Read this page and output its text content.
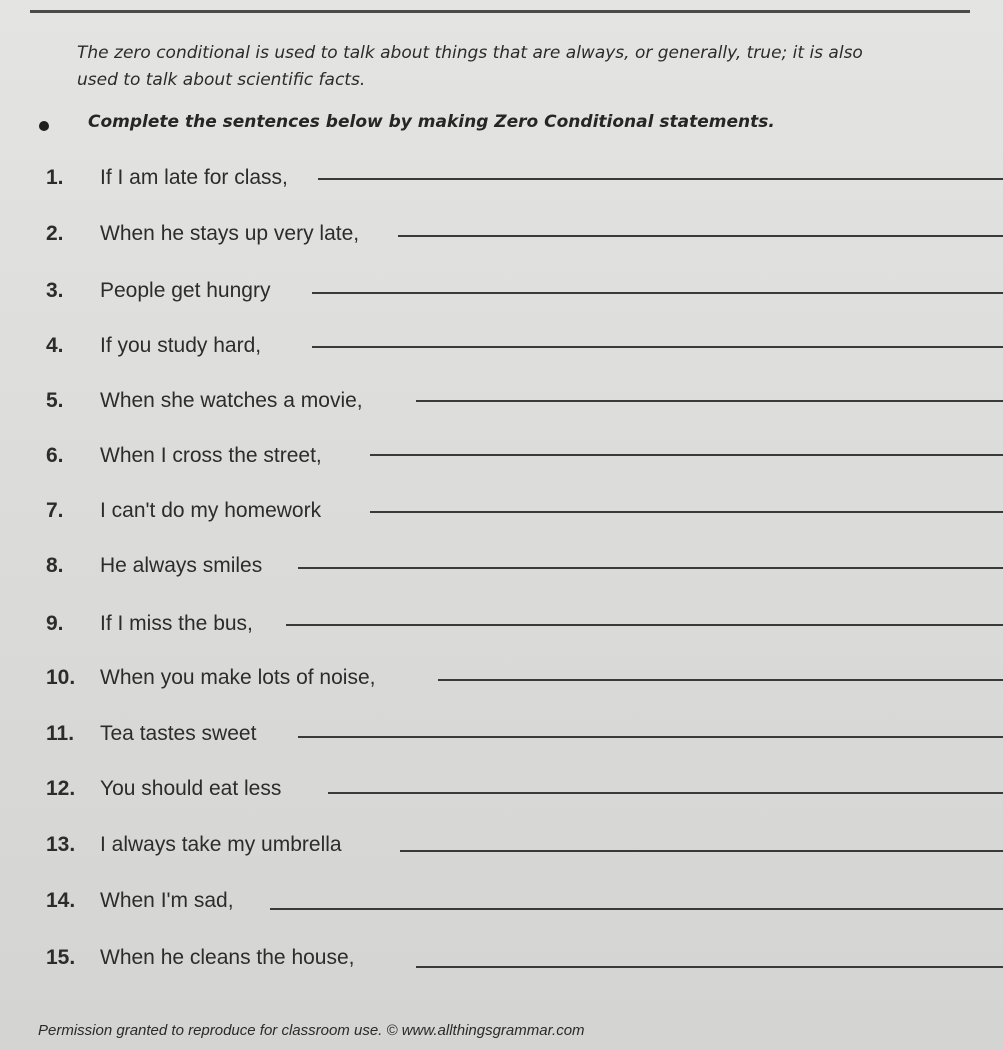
The zero conditional is used to talk about things that are always, or generally, true; it is also
used to talk about scientific facts.
Complete the sentences below by making Zero Conditional statements.
1. If I am late for class,
2. When he stays up very late,
3. People get hungry
4. If you study hard,
5. When she watches a movie,
6. When I cross the street,
7. I can't do my homework
8. He always smiles
9. If I miss the bus,
10. When you make lots of noise,
11. Tea tastes sweet
12. You should eat less
13. I always take my umbrella
14. When I'm sad,
15. When he cleans the house,
Permission granted to reproduce for classroom use. © www.allthingsgrammar.com
